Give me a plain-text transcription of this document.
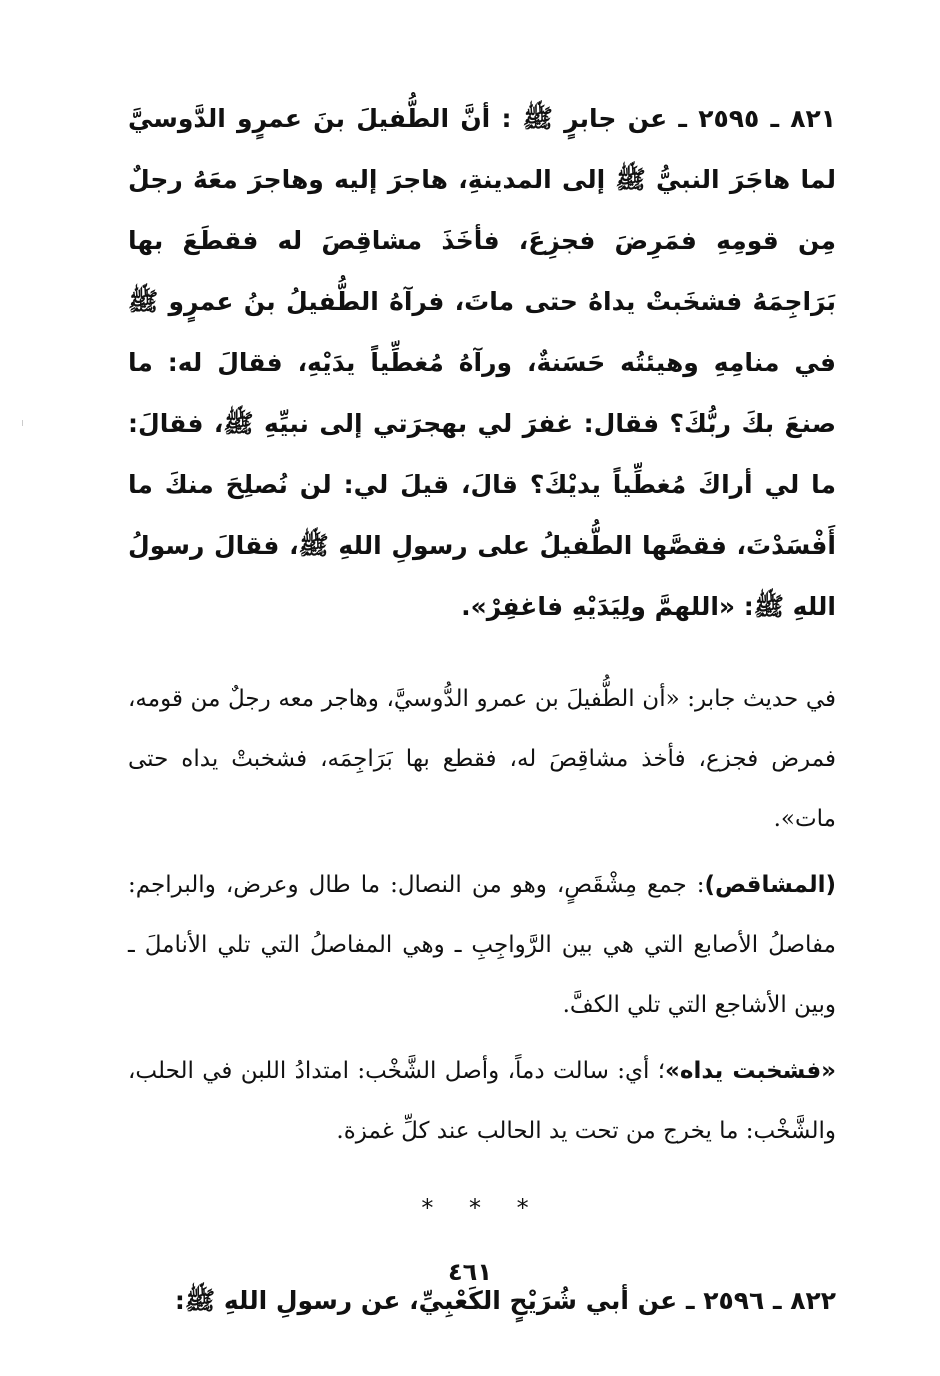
٨٢١ ـ ٢٥٩٥ ـ عن جابرٍ ﷺ : أنَّ الطُّفيلَ بنَ عمرٍو الدَّوسيَّ لما هاجَرَ النبيُّ ﷺ إلى المدينةِ، هاجرَ إليه وهاجرَ معَهُ رجلٌ مِن قومِهِ فمَرِضَ فجزِعَ، فأخَذَ مشاقِصَ له فقطَعَ بها بَرَاجِمَهُ فشخَبتْ يداهُ حتى ماتَ، فرآهُ الطُّفيلُ بنُ عمرٍو ﷺ في منامِهِ وهيئتُه حَسَنةٌ، ورآهُ مُغطِّياً يدَيْهِ، فقالَ له: ما صنعَ بكَ ربُّكَ؟ فقال: غفرَ لي بهجرَتي إلى نبيِّهِ ﷺ، فقالَ: ما لي أراكَ مُغطِّياً يديْكَ؟ قالَ، قيلَ لي: لن نُصلِحَ منكَ ما أَفْسَدْتَ، فقصَّها الطُّفيلُ على رسولِ اللهِ ﷺ، فقالَ رسولُ اللهِ ﷺ: «اللهمَّ ولِيَدَيْهِ فاغفِرْ».

في حديث جابر: «أن الطُّفيلَ بن عمرو الدُّوسيَّ، وهاجر معه رجلٌ من قومه، فمرض فجزع، فأخذ مشاقِصَ له، فقطع بها بَرَاجِمَه، فشخبتْ يداه حتى مات».

(المشاقص): جمع مِشْقَصٍ، وهو من النصال: ما طال وعرض، والبراجم: مفاصلُ الأصابع التي هي بين الرَّواجِبِ ـ وهي المفاصلُ التي تلي الأناملَ ـ وبين الأشاجع التي تلي الكفَّ.

«فشخبت يداه»؛ أي: سالت دماً، وأصل الشَّخْب: امتدادُ اللبن في الحلب، والشَّخْب: ما يخرج من تحت يد الحالب عند كلِّ غمزة.

* * *

٨٢٢ ـ ٢٥٩٦ ـ عن أبي شُرَيْحٍ الكَعْبِيِّ، عن رسولِ اللهِ ﷺ:

٤٦١
